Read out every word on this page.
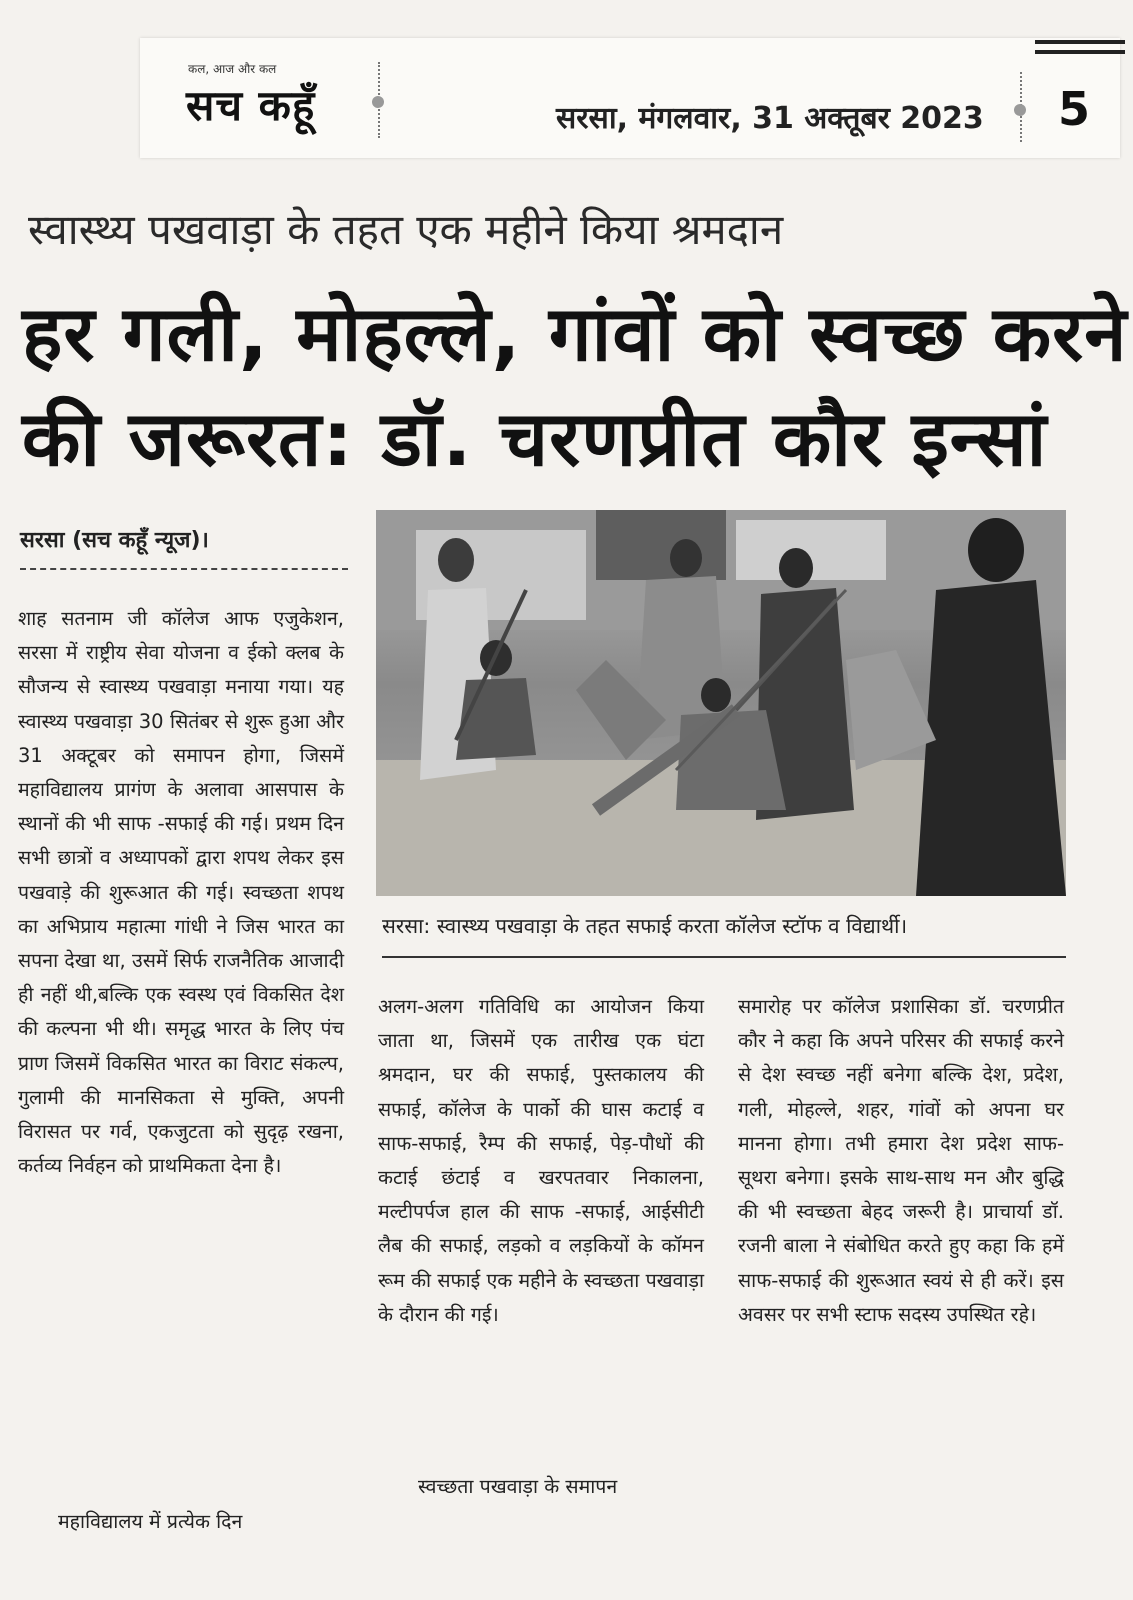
कल, आज और कल
सच कहूँ	सरसा, मंगलवार, 31 अक्तूबर 2023 5
स्वास्थ्य पखवाड़ा के तहत एक महीने किया श्रमदान
हर गली, मोहल्ले, गांवों को स्वच्छ करने
की जरूरत: डॉ. चरणप्रीत कौर इन्सां
सरसा (सच कहूँ न्यूज)।

शाह सतनाम जी कॉलेज आफ एजुकेशन, सरसा में राष्ट्रीय सेवा योजना व ईको क्लब के सौजन्य से स्वास्थ्य पखवाड़ा मनाया गया। यह स्वास्थ्य पखवाड़ा 30 सितंबर से शुरू हुआ और 31 अक्टूबर को समापन होगा, जिसमें महाविद्यालय प्रागंण के अलावा आसपास के स्थानों की भी साफ -सफाई की गई। प्रथम दिन सभी छात्रों व अध्यापकों द्वारा शपथ लेकर इस पखवाड़े की शुरूआत की गई। स्वच्छता शपथ का अभिप्राय महात्मा गांधी ने जिस भारत का सपना देखा था, उसमें सिर्फ राजनैतिक आजादी ही नहीं थी,बल्कि एक स्वस्थ एवं विकसित देश की कल्पना भी थी। समृद्ध भारत के लिए पंच प्राण जिसमें विकसित भारत का विराट संकल्प, गुलामी की मानसिकता से मुक्ति, अपनी विरासत पर गर्व, एकजुटता को सुदृढ़ रखना, कर्तव्य निर्वहन को प्राथमिकता देना है।

महाविद्यालय में प्रत्येक दिन

सरसा: स्वास्थ्य पखवाड़ा के तहत सफाई करता कॉलेज स्टॉफ व विद्यार्थी।

अलग-अलग गतिविधि का आयोजन किया जाता था, जिसमें एक तारीख एक घंटा श्रमदान, घर की सफाई, पुस्तकालय की सफाई, कॉलेज के पार्को की घास कटाई व साफ-सफाई, रैम्प की सफाई, पेड़-पौधों की कटाई छंटाई व खरपतवार निकालना, मल्टीपर्पज हाल की साफ -सफाई, आईसीटी लैब की सफाई, लड़को व लड़कियों के कॉमन रूम की सफाई एक महीने के स्वच्छता पखवाड़ा के दौरान की गई।

स्वच्छता पखवाड़ा के समापन

समारोह पर कॉलेज प्रशासिका डॉ. चरणप्रीत कौर ने कहा कि अपने परिसर की सफाई करने से देश स्वच्छ नहीं बनेगा बल्कि देश, प्रदेश, गली, मोहल्ले, शहर, गांवों को अपना घर मानना होगा। तभी हमारा देश प्रदेश साफ-सूथरा बनेगा। इसके साथ-साथ मन और बुद्धि की भी स्वच्छता बेहद जरूरी है। प्राचार्या डॉ. रजनी बाला ने संबोधित करते हुए कहा कि हमें साफ-सफाई की शुरूआत स्वयं से ही करें। इस अवसर पर सभी स्टाफ सदस्य उपस्थित रहे।
